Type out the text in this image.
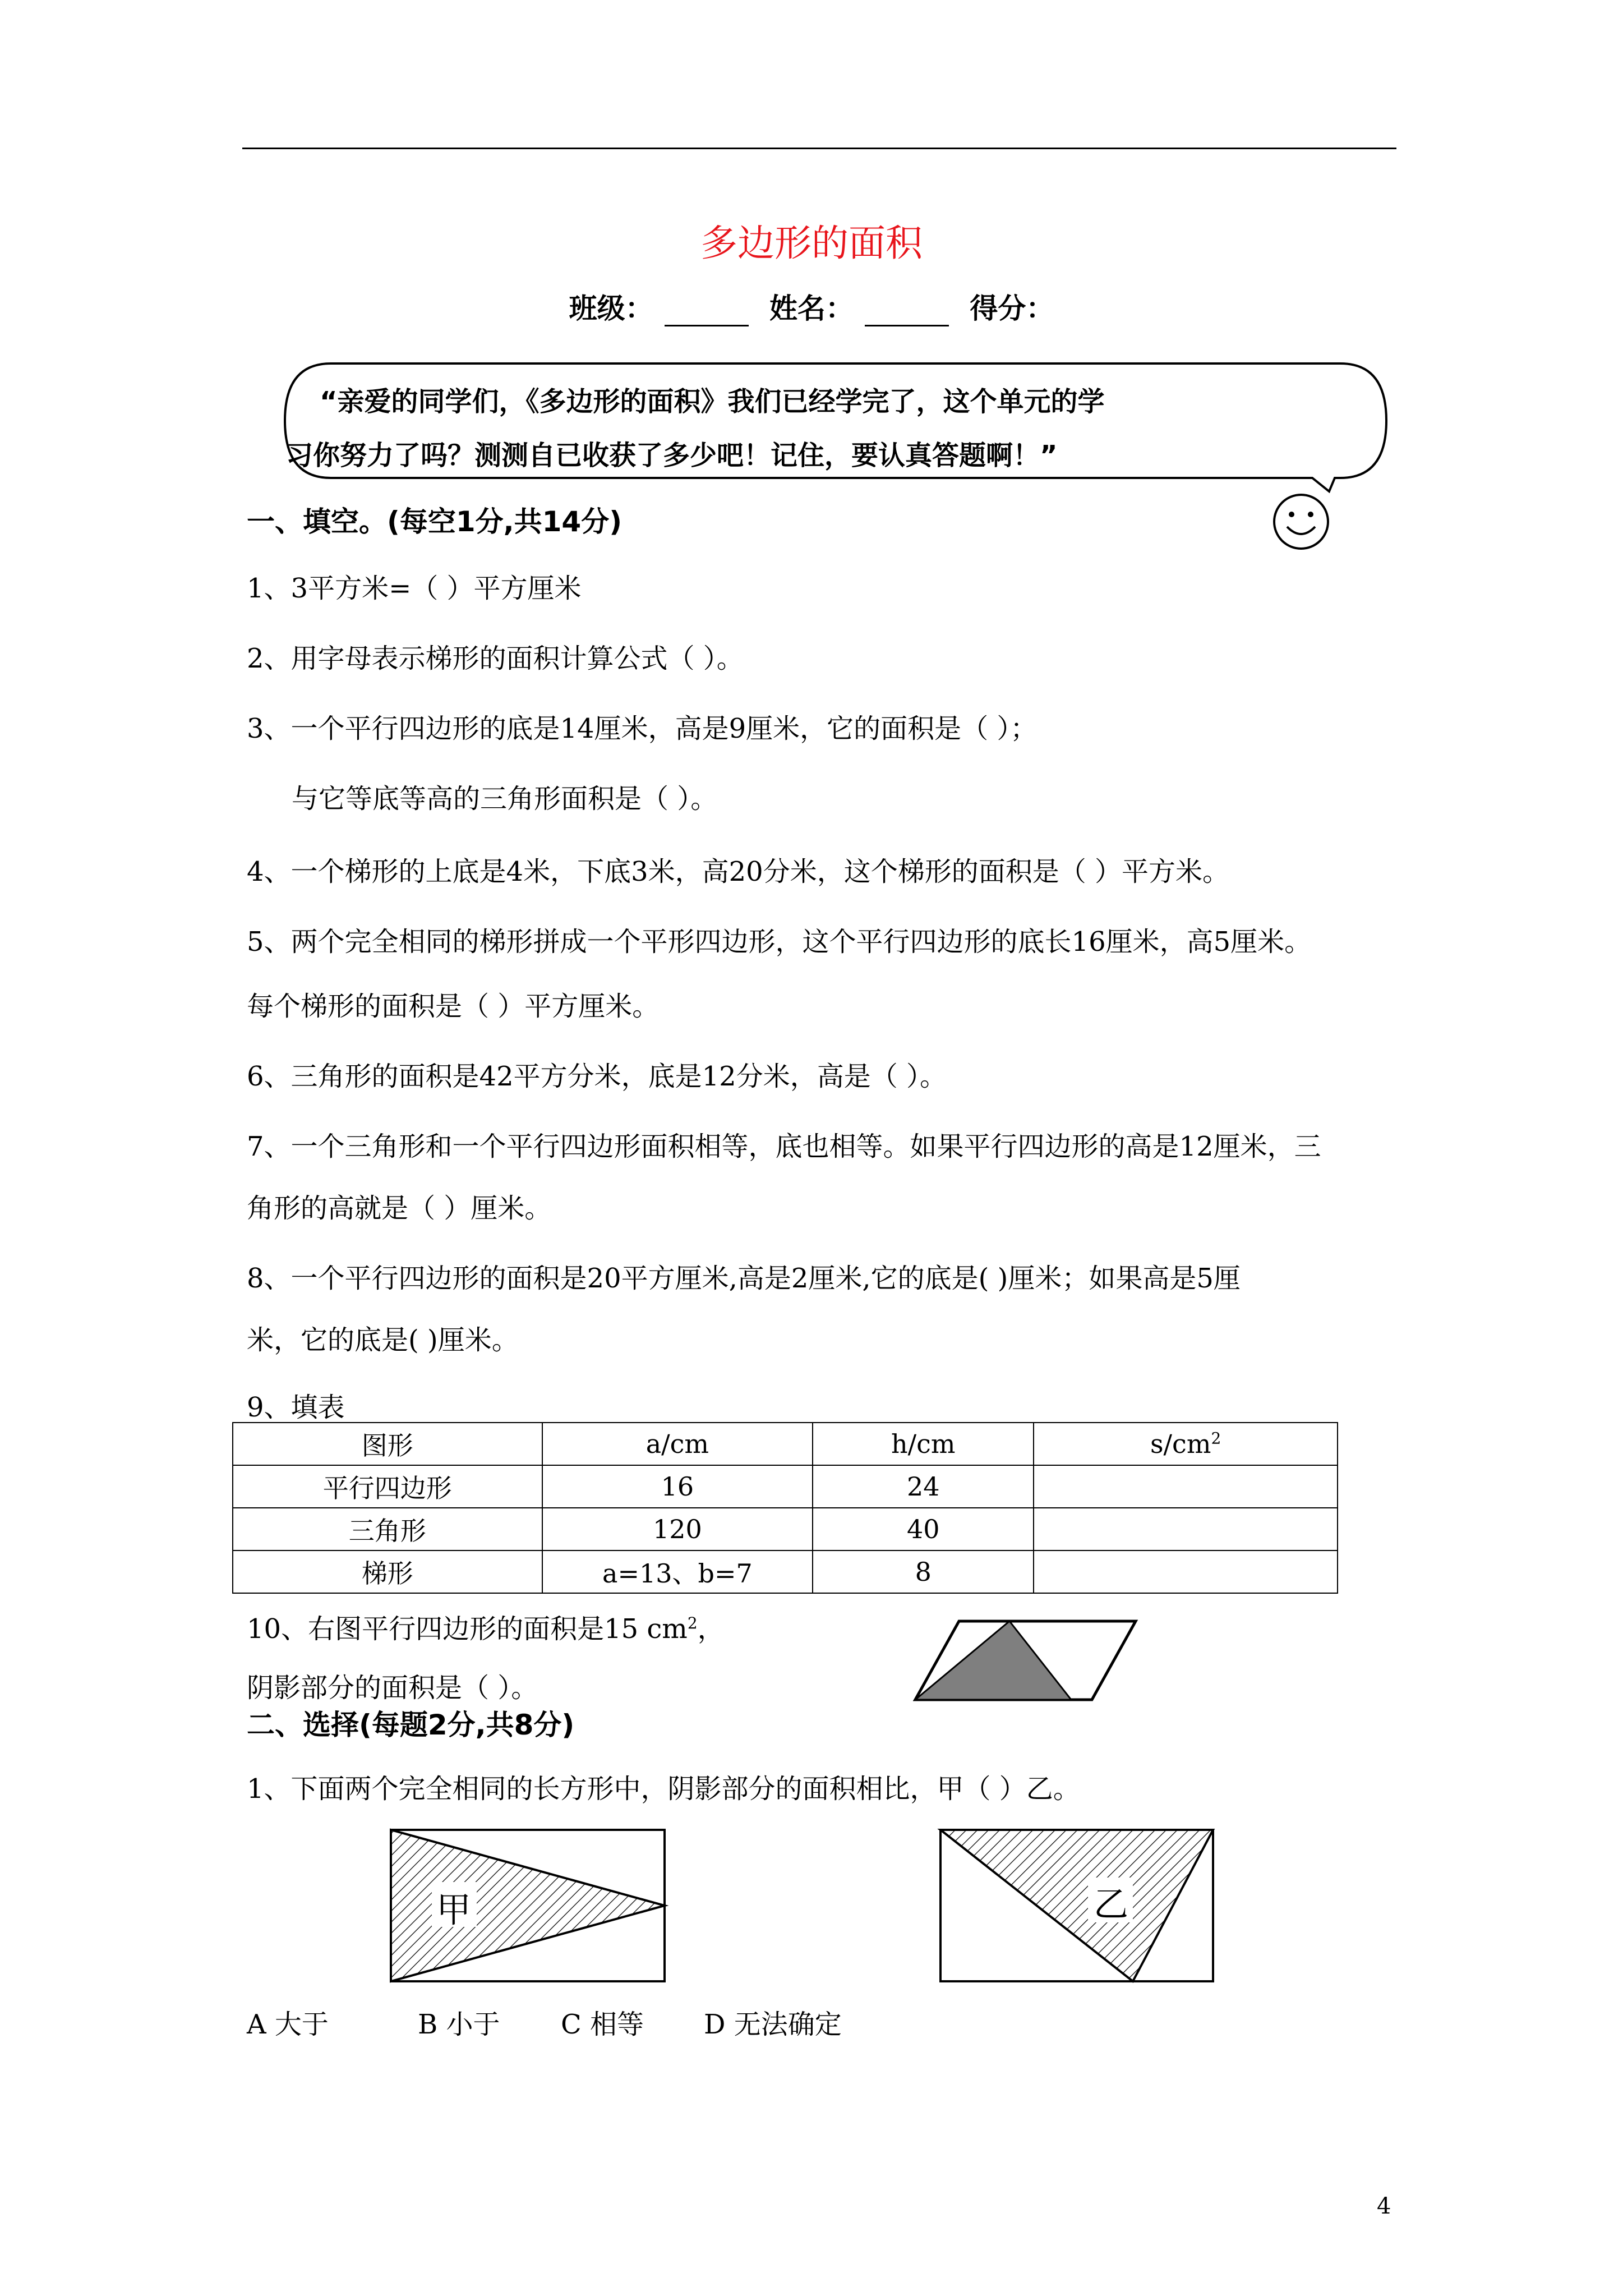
多边形的面积
班级：	姓名：	得分：
“亲爱的同学们，《多边形的面积》我们已经学完了，这个单元的学
习你努力了吗？测测自已收获了多少吧！记住，要认真答题啊！”
一、填空。(每空1分,共14分)
1、3平方米=（ ）平方厘米
2、用字母表示梯形的面积计算公式（ ）。
3、一个平行四边形的底是14厘米，高是9厘米，它的面积是（ ）；
与它等底等高的三角形面积是（ ）。
4、一个梯形的上底是4米，下底3米，高20分米，这个梯形的面积是（ ）平方米。
5、两个完全相同的梯形拼成一个平形四边形，这个平行四边形的底长16厘米，高5厘米。
每个梯形的面积是（ ）平方厘米。
6、三角形的面积是42平方分米，底是12分米，高是（ ）。
7、一个三角形和一个平行四边形面积相等，底也相等。如果平行四边形的高是12厘米，三
角形的高就是（ ）厘米。
8、一个平行四边形的面积是20平方厘米,高是2厘米,它的底是( )厘米；如果高是5厘
米，它的底是( )厘米。
9、填表
图形	a/cm	h/cm	$s/cm^2$
平行四边形	16	24	
三角形	120	40	
梯形	a=13、b=7	8	
10、右图平行四边形的面积是15 $cm^2$，
阴影部分的面积是（ ）。
二、选择(每题2分,共8分)
1、下面两个完全相同的长方形中，阴影部分的面积相比，甲（ ）乙。
甲	乙
A 大于	B 小于 C 相等 D 无法确定
4
